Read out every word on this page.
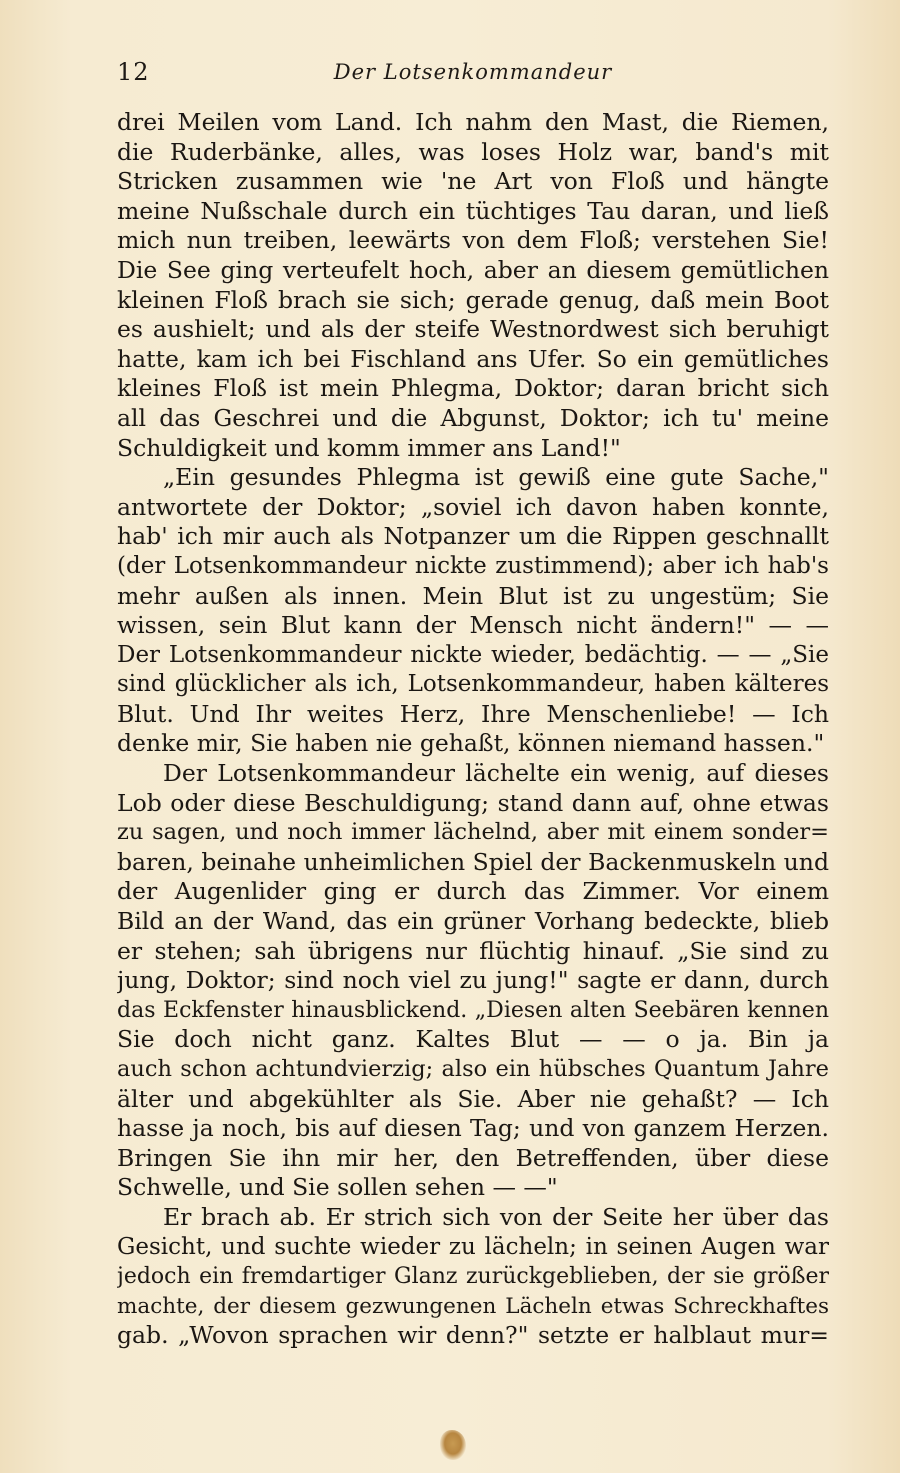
12	Der Lotsenkommandeur
drei Meilen vom Land. Ich nahm den Mast, die Riemen,
die Ruderbänke, alles, was loses Holz war, band's mit
Stricken zusammen wie 'ne Art von Floß und hängte
meine Nußschale durch ein tüchtiges Tau daran, und ließ
mich nun treiben, leewärts von dem Floß; verstehen Sie!
Die See ging verteufelt hoch, aber an diesem gemütlichen
kleinen Floß brach sie sich; gerade genug, daß mein Boot
es aushielt; und als der steife Westnordwest sich beruhigt
hatte, kam ich bei Fischland ans Ufer. So ein gemütliches
kleines Floß ist mein Phlegma, Doktor; daran bricht sich
all das Geschrei und die Abgunst, Doktor; ich tu' meine
Schuldigkeit und komm immer ans Land!"
„Ein gesundes Phlegma ist gewiß eine gute Sache,"
antwortete der Doktor; „soviel ich davon haben konnte,
hab' ich mir auch als Notpanzer um die Rippen geschnallt
(der Lotsenkommandeur nickte zustimmend); aber ich hab's
mehr außen als innen. Mein Blut ist zu ungestüm; Sie
wissen, sein Blut kann der Mensch nicht ändern!" — —
Der Lotsenkommandeur nickte wieder, bedächtig. — — „Sie
sind glücklicher als ich, Lotsenkommandeur, haben kälteres
Blut. Und Ihr weites Herz, Ihre Menschenliebe! — Ich
denke mir, Sie haben nie gehaßt, können niemand hassen."
Der Lotsenkommandeur lächelte ein wenig, auf dieses
Lob oder diese Beschuldigung; stand dann auf, ohne etwas
zu sagen, und noch immer lächelnd, aber mit einem sonder=
baren, beinahe unheimlichen Spiel der Backenmuskeln und
der Augenlider ging er durch das Zimmer. Vor einem
Bild an der Wand, das ein grüner Vorhang bedeckte, blieb
er stehen; sah übrigens nur flüchtig hinauf. „Sie sind zu
jung, Doktor; sind noch viel zu jung!" sagte er dann, durch
das Eckfenster hinausblickend. „Diesen alten Seebären kennen
Sie doch nicht ganz. Kaltes Blut — — o ja. Bin ja
auch schon achtundvierzig; also ein hübsches Quantum Jahre
älter und abgekühlter als Sie. Aber nie gehaßt? — Ich
hasse ja noch, bis auf diesen Tag; und von ganzem Herzen.
Bringen Sie ihn mir her, den Betreffenden, über diese
Schwelle, und Sie sollen sehen — —"
Er brach ab. Er strich sich von der Seite her über das
Gesicht, und suchte wieder zu lächeln; in seinen Augen war
jedoch ein fremdartiger Glanz zurückgeblieben, der sie größer
machte, der diesem gezwungenen Lächeln etwas Schreckhaftes
gab. „Wovon sprachen wir denn?" setzte er halblaut mur=
